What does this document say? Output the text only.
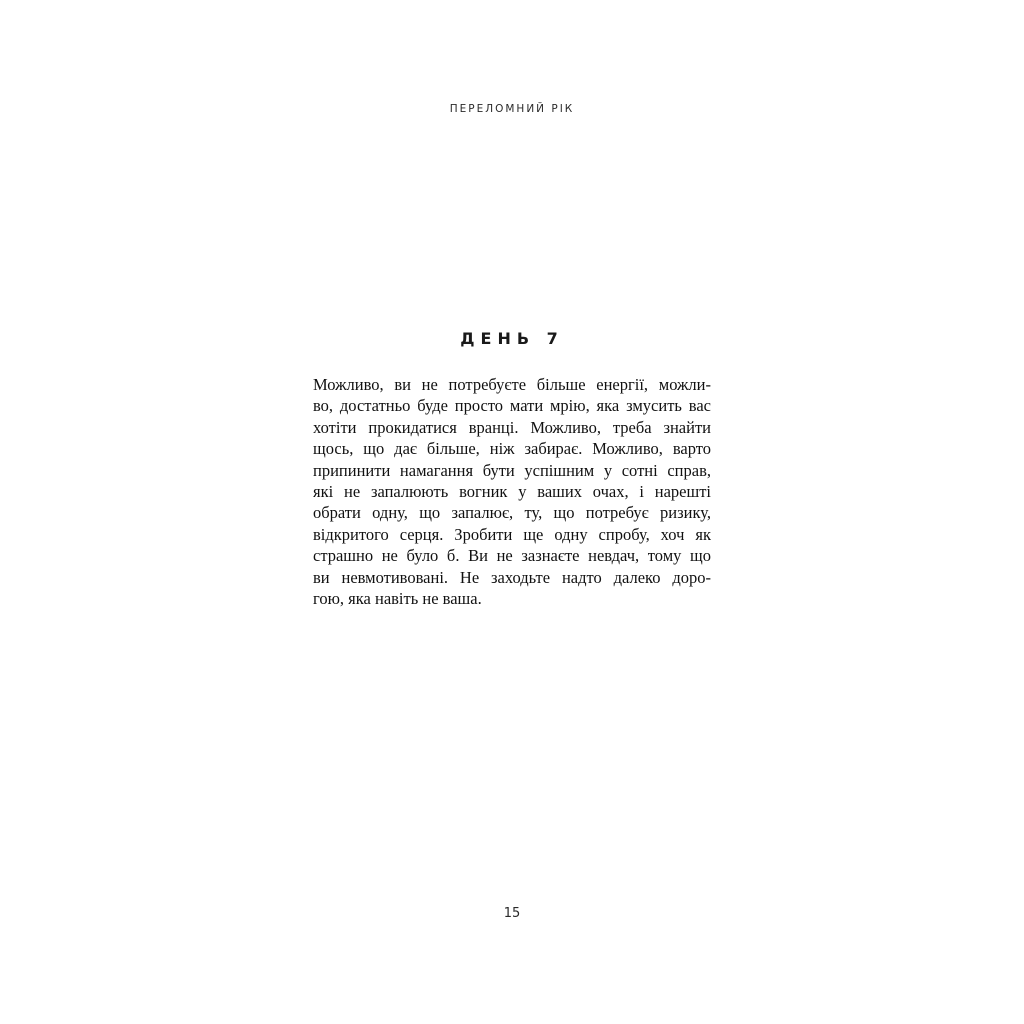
ПЕРЕЛОМНИЙ РІК
ДЕНЬ 7
Можливо, ви не потребуєте більше енергії, можли-
во, достатньо буде просто мати мрію, яка змусить вас
хотіти прокидатися вранці. Можливо, треба знайти
щось, що дає більше, ніж забирає. Можливо, варто
припинити намагання бути успішним у сотні справ,
які не запалюють вогник у ваших очах, і нарешті
обрати одну, що запалює, ту, що потребує ризику,
відкритого серця. Зробити ще одну спробу, хоч як
страшно не було б. Ви не зазнаєте невдач, тому що
ви невмотивовані. Не заходьте надто далеко доро-
гою, яка навіть не ваша.
15
